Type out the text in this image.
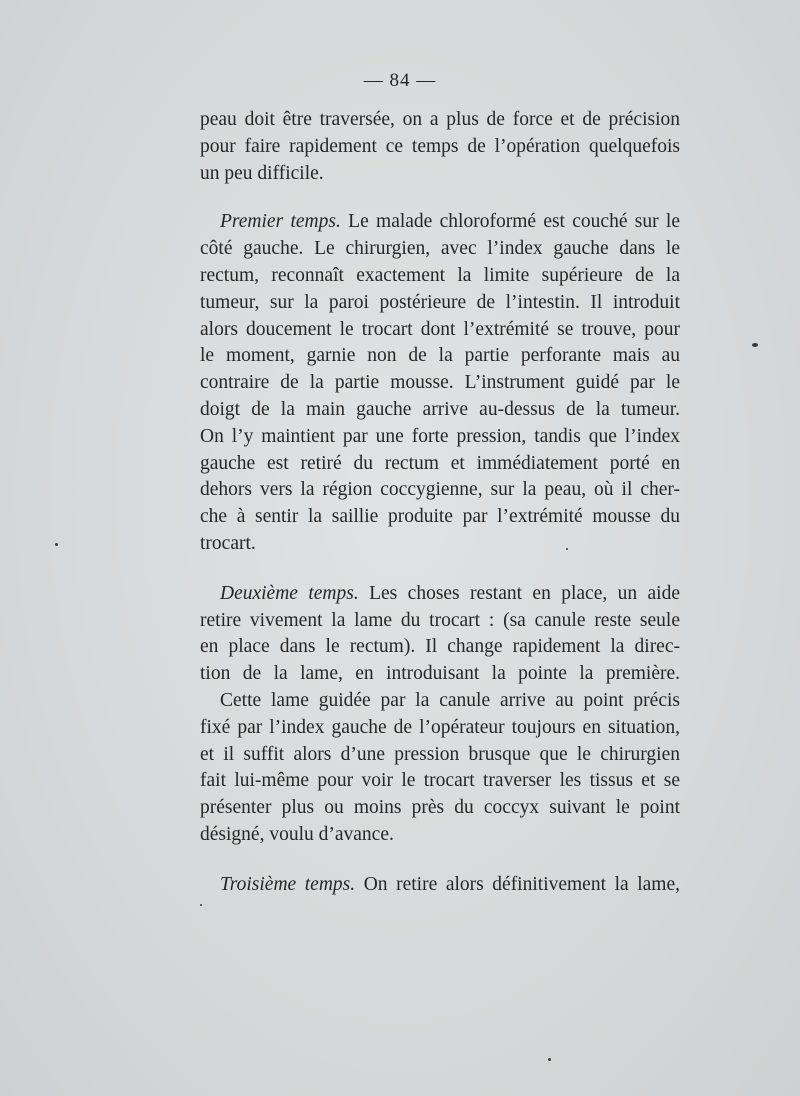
— 84 —
peau doit être traversée, on a plus de force et de précision
pour faire rapidement ce temps de l’opération quelquefois
un peu difficile.
Premier temps. Le malade chloroformé est couché sur le
côté gauche. Le chirurgien, avec l’index gauche dans le
rectum, reconnaît exactement la limite supérieure de la
tumeur, sur la paroi postérieure de l’intestin. Il introduit
alors doucement le trocart dont l’extrémité se trouve, pour
le moment, garnie non de la partie perforante mais au
contraire de la partie mousse. L’instrument guidé par le
doigt de la main gauche arrive au-dessus de la tumeur.
On l’y maintient par une forte pression, tandis que l’index
gauche est retiré du rectum et immédiatement porté en
dehors vers la région coccygienne, sur la peau, où il cher-
che à sentir la saillie produite par l’extrémité mousse du
trocart.
Deuxième temps. Les choses restant en place, un aide
retire vivement la lame du trocart : (sa canule reste seule
en place dans le rectum). Il change rapidement la direc-
tion de la lame, en introduisant la pointe la première.
Cette lame guidée par la canule arrive au point précis
fixé par l’index gauche de l’opérateur toujours en situation,
et il suffit alors d’une pression brusque que le chirurgien
fait lui-même pour voir le trocart traverser les tissus et se
présenter plus ou moins près du coccyx suivant le point
désigné, voulu d’avance.
Troisième temps. On retire alors définitivement la lame,
